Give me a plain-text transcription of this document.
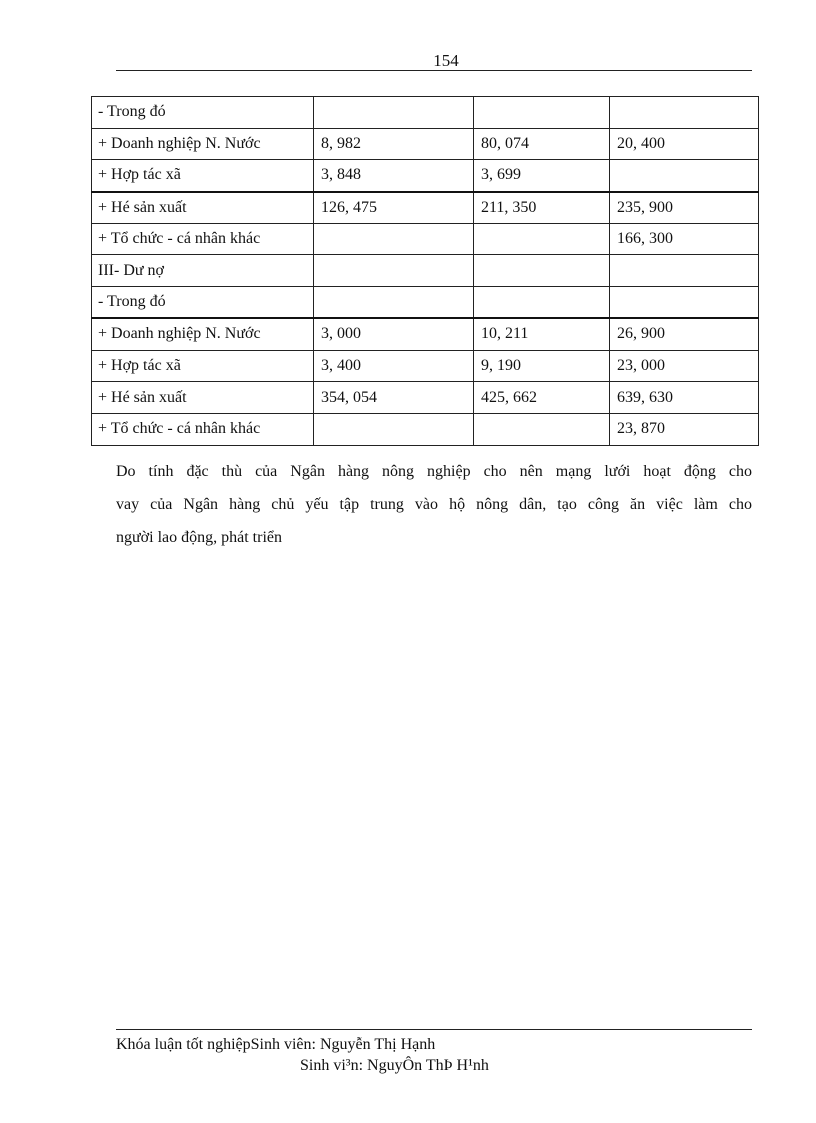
154
- Trong đó			
+ Doanh nghiệp N. Nước	8, 982	80, 074	20, 400
+ Hợp tác xã	3, 848	3, 699	
+ Hé sản xuất	126, 475	211, 350	235, 900
+ Tổ chức - cá nhân khác			166, 300
III- Dư nợ			
- Trong đó			
+ Doanh nghiệp N. Nước	3, 000	10, 211	26, 900
+ Hợp tác xã	3, 400	9, 190	23, 000
+ Hé sản xuất	354, 054	425, 662	639, 630
+ Tổ chức - cá nhân khác			23, 870
Do tính đặc thù của Ngân hàng nông nghiệp cho nên mạng lưới hoạt động cho
vay của Ngân hàng chủ yếu tập trung vào hộ nông dân, tạo công ăn việc làm cho
người lao động, phát triển
Khóa luận tốt nghiệpSinh viên: Nguyễn Thị Hạnh
Sinh vi³n: NguyÔn ThÞ H¹nh
